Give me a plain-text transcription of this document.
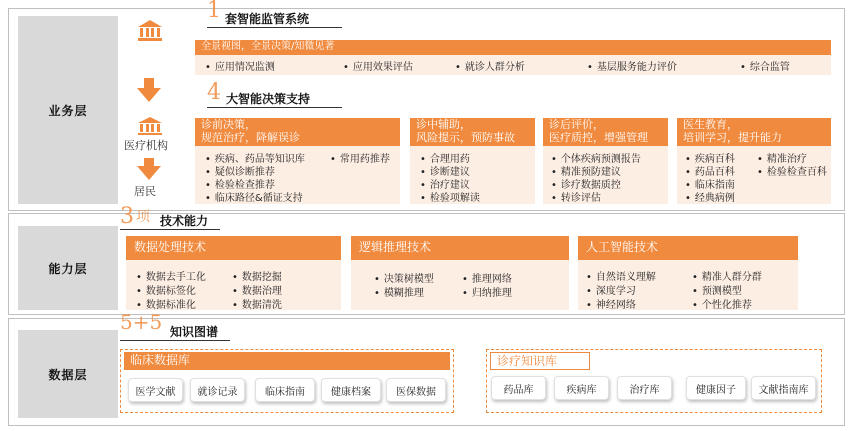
业务层
医疗机构
居民
1 套智能监管系统
全景视图，全景决策/知微见著
• 应用情况监测	• 应用效果评估	• 就诊人群分析	• 基层服务能力评价	• 综合监管
4 大智能决策支持
诊前决策，
规范治疗，降解误诊
• 疾病、药品等知识库	• 常用药推荐
• 疑似诊断推荐
• 检验检查推荐
• 临床路径&循证支持
诊中辅助，
风险提示，预防事故
• 合理用药
• 诊断建议
• 治疗建议
• 检验项解读
诊后评价，
医疗质控，增强管理
• 个体疾病预测报告
• 精准预防建议
• 诊疗数据质控
• 转诊评估
医生教育，
培训学习，提升能力
• 疾病百科	• 精准治疗
• 药品百科	• 检验检查百科
• 临床指南
• 经典病例
能力层
3 项 技术能力
数据处理技术
• 数据去手工化	• 数据挖掘
• 数据标签化	• 数据治理
• 数据标准化	• 数据清洗
逻辑推理技术
• 决策树模型	• 推理网络
• 模糊推理	• 归纳推理
人工智能技术
• 自然语义理解	• 精准人群分群
• 深度学习	• 预测模型
• 神经网络	• 个性化推荐
数据层
5+5 知识图谱
临床数据库
医学文献	就诊记录	临床指南	健康档案	医保数据
诊疗知识库
药品库	疾病库	治疗库	健康因子	文献指南库
